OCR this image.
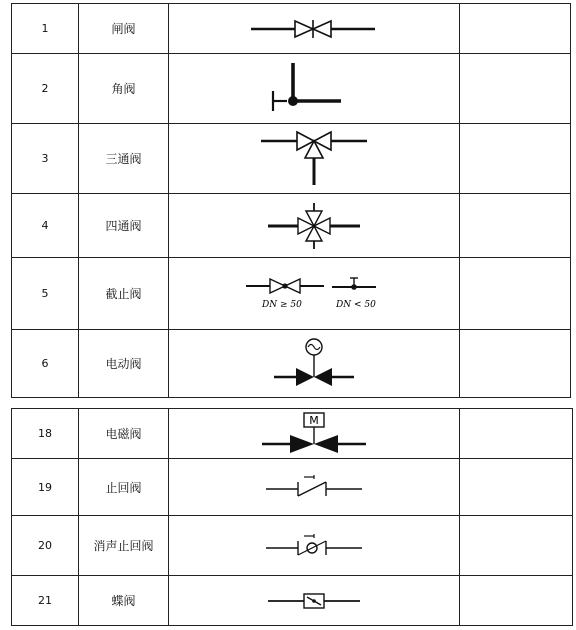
1	闸阀	

2	角阀	

3	三通阀	

4	四通阀	

5	截止阀	DN ≥ 50 DN < 50	

6	电动阀	

18	电磁阀	M	

19	止回阀	

20	消声止回阀	

21	蝶阀	
